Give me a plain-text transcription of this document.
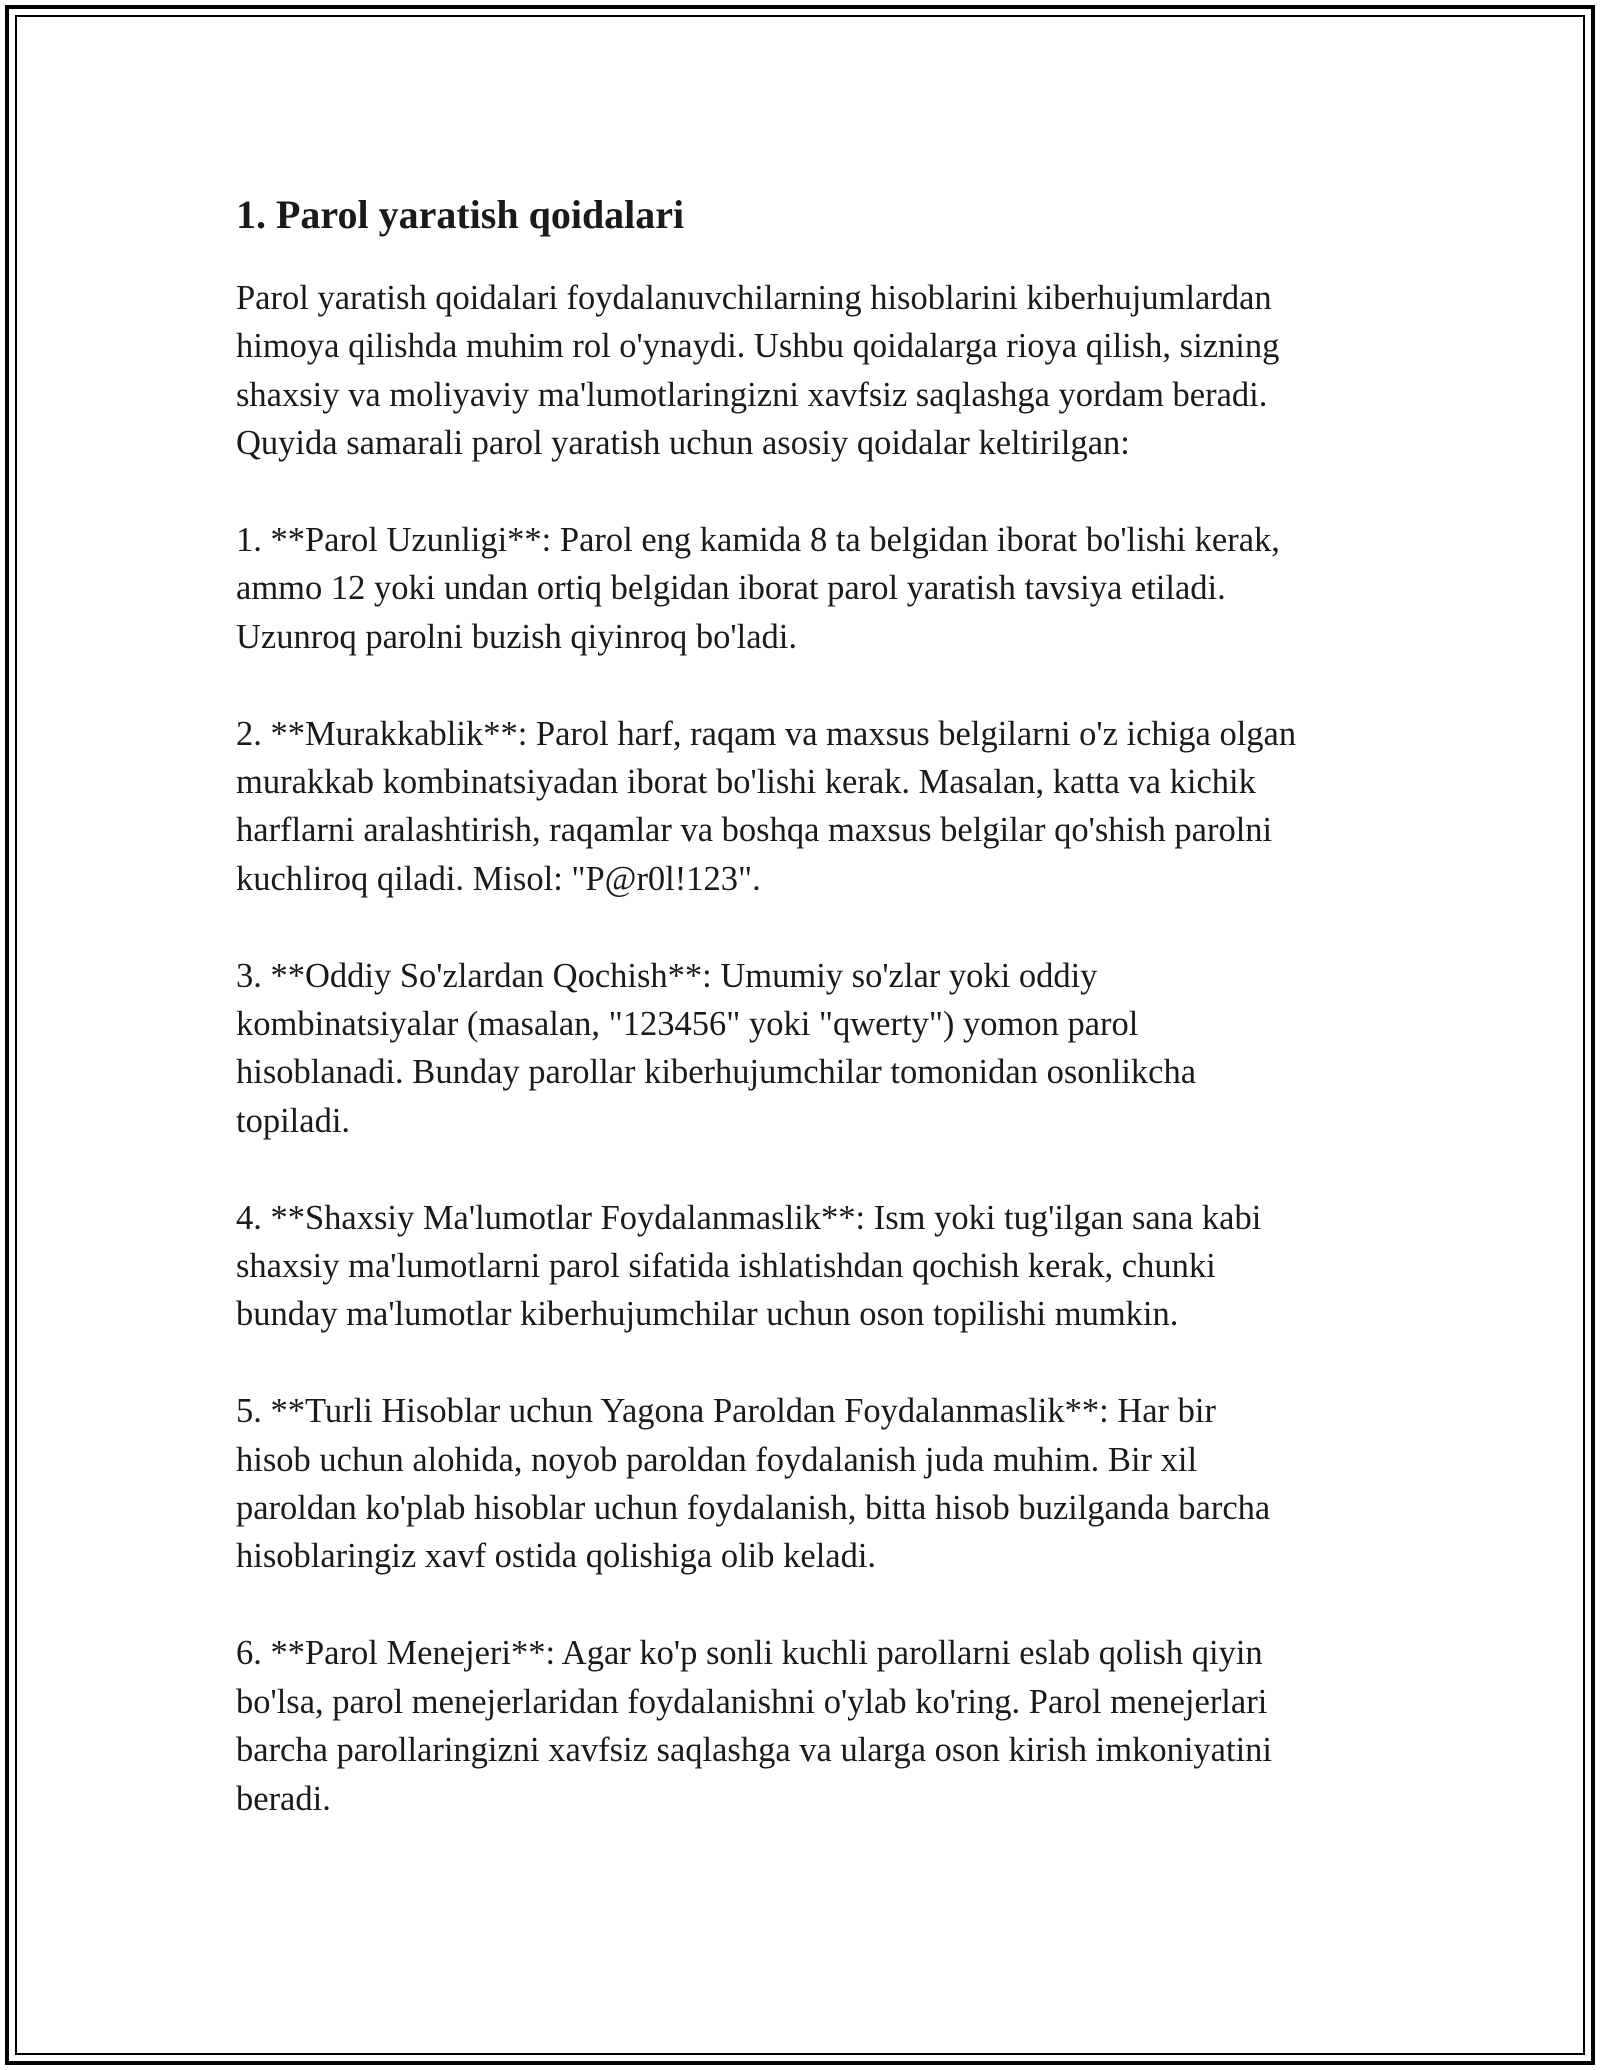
1. Parol yaratish qoidalari

Parol yaratish qoidalari foydalanuvchilarning hisoblarini kiberhujumlardan
himoya qilishda muhim rol o'ynaydi. Ushbu qoidalarga rioya qilish, sizning
shaxsiy va moliyaviy ma'lumotlaringizni xavfsiz saqlashga yordam beradi.
Quyida samarali parol yaratish uchun asosiy qoidalar keltirilgan:

1. **Parol Uzunligi**: Parol eng kamida 8 ta belgidan iborat bo'lishi kerak,
ammo 12 yoki undan ortiq belgidan iborat parol yaratish tavsiya etiladi.
Uzunroq parolni buzish qiyinroq bo'ladi.

2. **Murakkablik**: Parol harf, raqam va maxsus belgilarni o'z ichiga olgan
murakkab kombinatsiyadan iborat bo'lishi kerak. Masalan, katta va kichik
harflarni aralashtirish, raqamlar va boshqa maxsus belgilar qo'shish parolni
kuchliroq qiladi. Misol: "P@r0l!123".

3. **Oddiy So'zlardan Qochish**: Umumiy so'zlar yoki oddiy
kombinatsiyalar (masalan, "123456" yoki "qwerty") yomon parol
hisoblanadi. Bunday parollar kiberhujumchilar tomonidan osonlikcha
topiladi.

4. **Shaxsiy Ma'lumotlar Foydalanmaslik**: Ism yoki tug'ilgan sana kabi
shaxsiy ma'lumotlarni parol sifatida ishlatishdan qochish kerak, chunki
bunday ma'lumotlar kiberhujumchilar uchun oson topilishi mumkin.

5. **Turli Hisoblar uchun Yagona Paroldan Foydalanmaslik**: Har bir
hisob uchun alohida, noyob paroldan foydalanish juda muhim. Bir xil
paroldan ko'plab hisoblar uchun foydalanish, bitta hisob buzilganda barcha
hisoblaringiz xavf ostida qolishiga olib keladi.

6. **Parol Menejeri**: Agar ko'p sonli kuchli parollarni eslab qolish qiyin
bo'lsa, parol menejerlaridan foydalanishni o'ylab ko'ring. Parol menejerlari
barcha parollaringizni xavfsiz saqlashga va ularga oson kirish imkoniyatini
beradi.
